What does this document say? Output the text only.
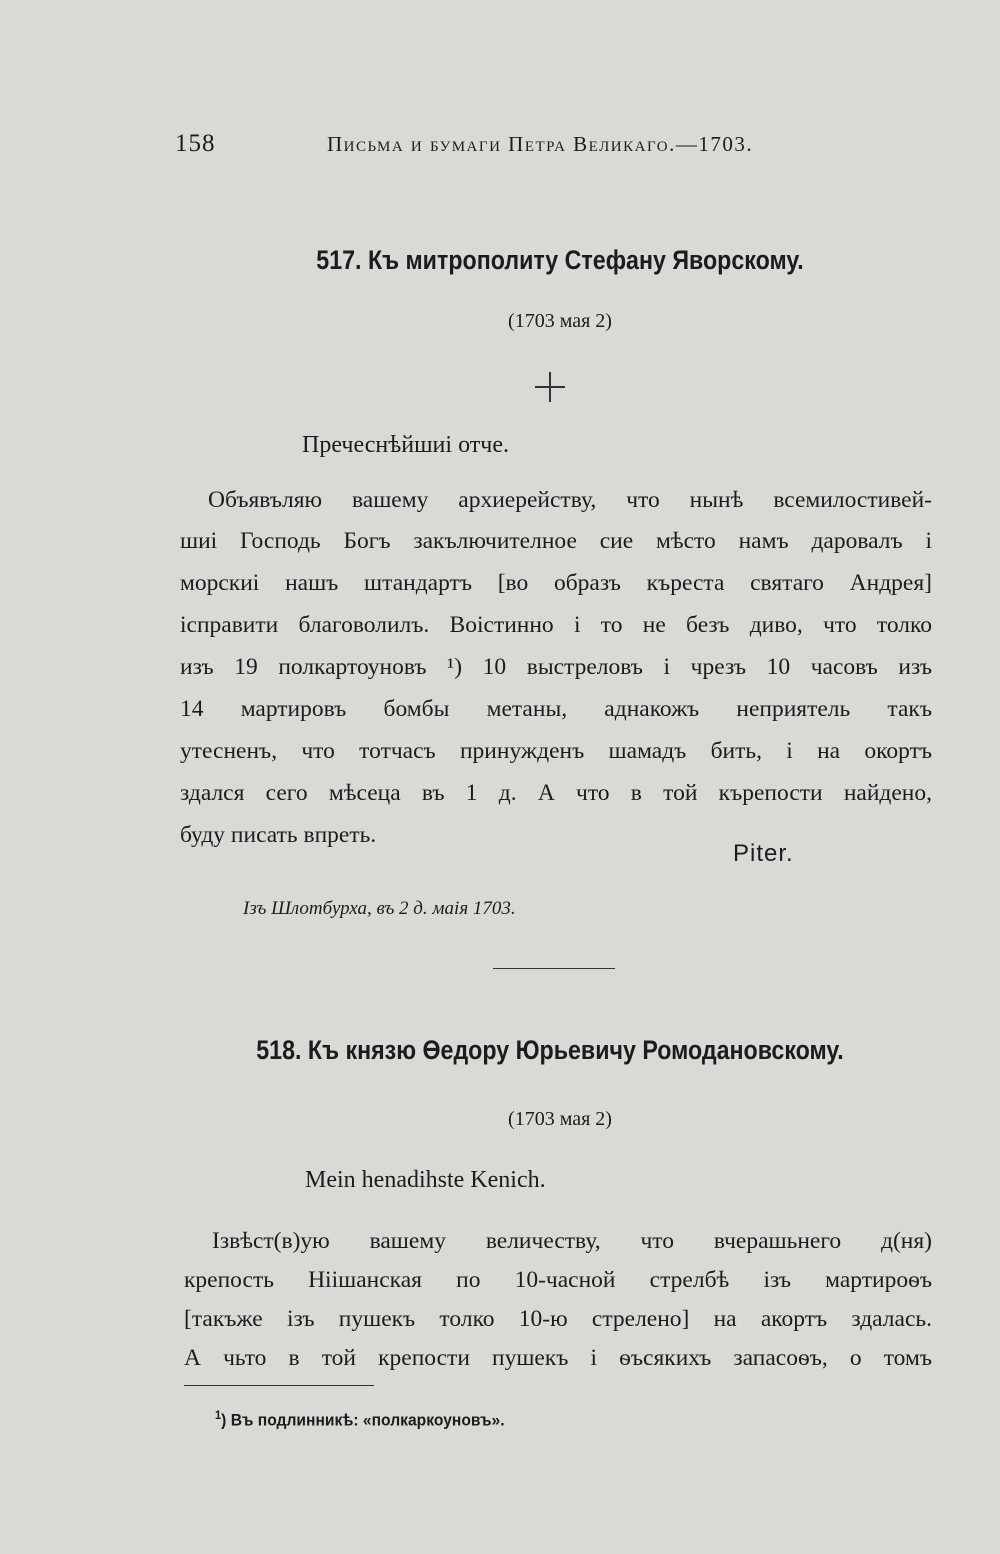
158	Письма и бумаги Петра Великаго.—1703.
517. Къ митрополиту Стефану Яворскому.
(1703 мая 2)
Пречеснѣйшиі отче.
Объявъляю вашему архиерейству, что нынѣ всемилостивей-
шиі Господь Богъ закълючителное сие мѣсто намъ даровалъ і
морскиі нашъ штандартъ [во образъ къреста святаго Андрея]
ісправити благоволилъ. Воістинно і то не безъ диво, что толко
изъ 19 полкартоуновъ ¹) 10 выстреловъ і чрезъ 10 часовъ изъ
14 мартировъ бомбы метаны, аднакожъ неприятель такъ
утесненъ, что тотчасъ принужденъ шамадъ бить, і на окортъ
здался сего мѣсеца въ 1 д. А что в той кърепости найдено,
буду писать впреть.
Piter.
Ізъ Шлотбурха, въ 2 д. маія 1703.
518. Къ князю Өедору Юрьевичу Ромодановскому.
(1703 мая 2)
Mein henadihste Kenich.
Ізвѣст(в)ую вашему величеству, что вчерашьнего д(ня)
крепость Ніішанская по 10-часной стрелбѣ ізъ мартироѳъ
[такъже ізъ пушекъ толко 10-ю стрелено] на акортъ здалась.
А чьто в той крепости пушекъ і ѳъсякихъ запасоѳъ, о томъ
$^1$) Въ подлинникѣ: «полкаркоуновъ».
